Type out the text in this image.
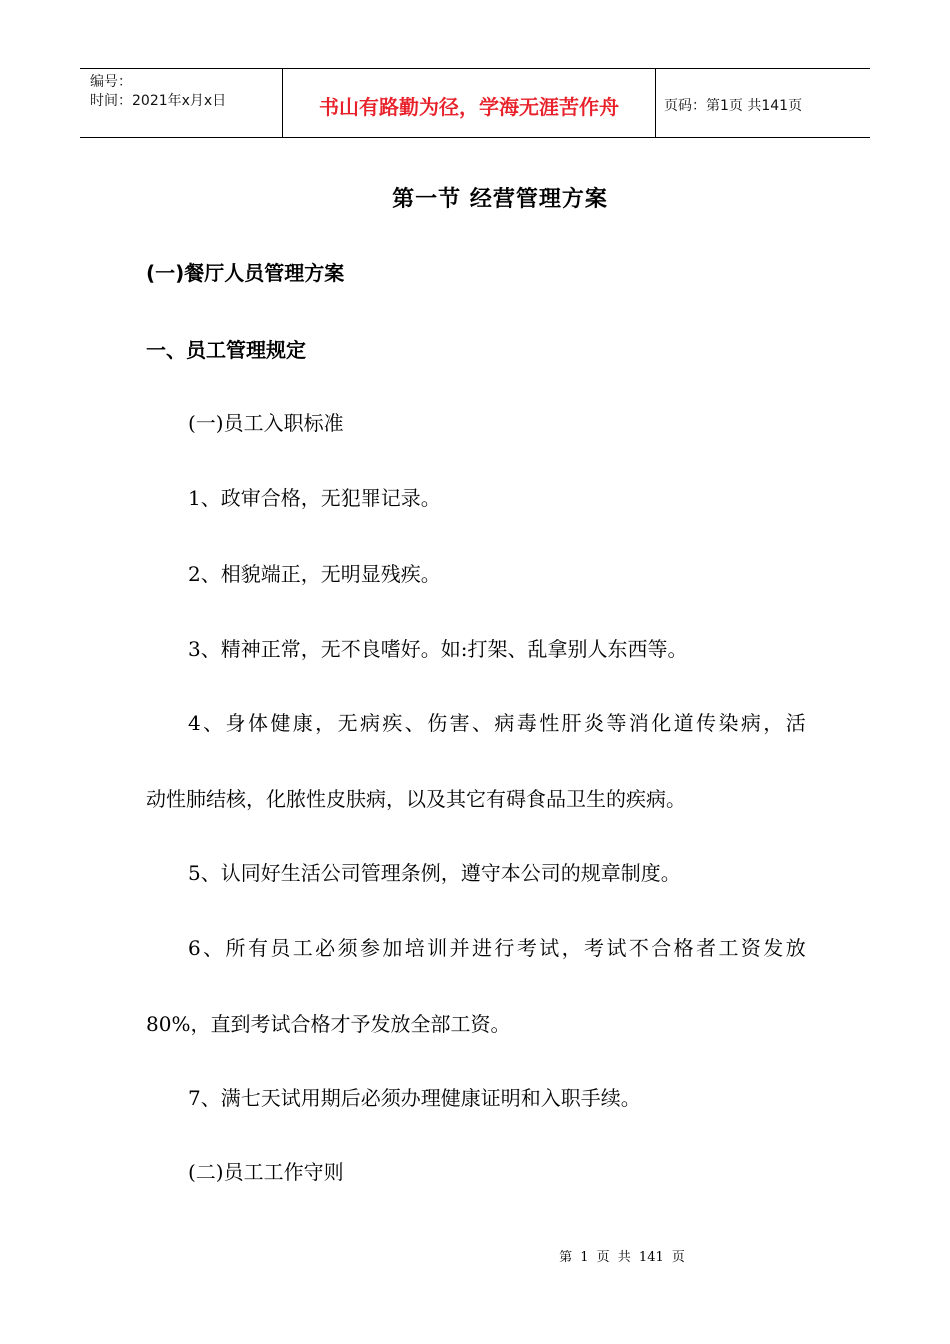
编号：
时间：2021年x月x日	书山有路勤为径，学海无涯苦作舟	页码：第1页 共141页
第一节 经营管理方案
(一)餐厅人员管理方案
一、员工管理规定
(一)员工入职标准
1、政审合格，无犯罪记录。
2、相貌端正，无明显残疾。
3、精神正常，无不良嗜好。如:打架、乱拿别人东西等。
4 、 身 体 健 康 ， 无 病 疾 、 伤 害 、 病 毒 性 肝 炎 等 消 化 道 传 染 病 ， 活
动性肺结核，化脓性皮肤病，以及其它有碍食品卫生的疾病。
5、认同好生活公司管理条例，遵守本公司的规章制度。
6 、 所 有 员 工 必 须 参 加 培 训 并 进 行 考 试 ， 考 试 不 合 格 者 工 资 发 放
80%，直到考试合格才予发放全部工资。
7、满七天试用期后必须办理健康证明和入职手续。
(二)员工工作守则
第 1 页 共 141 页
